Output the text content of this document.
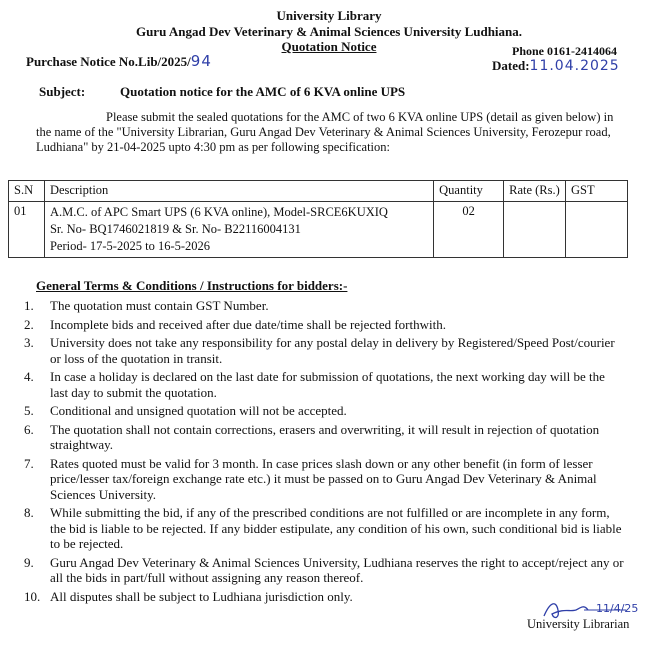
University Library
Guru Angad Dev Veterinary & Animal Sciences University Ludhiana.
Quotation Notice
Purchase Notice No.Lib/2025/94
Phone 0161-2414064
Dated:11.04.2025
Subject:	Quotation notice for the AMC of 6 KVA online UPS
Please submit the sealed quotations for the AMC of two 6 KVA online UPS (detail as given below) in the name of the "University Librarian, Guru Angad Dev Veterinary & Animal Sciences University, Ferozepur road, Ludhiana" by 21-04-2025 upto 4:30 pm as per following specification:
S.N	Description	Quantity	Rate (Rs.)	GST
01	A.M.C. of APC Smart UPS (6 KVA online), Model-SRCE6KUXIQ
Sr. No- BQ1746021819 & Sr. No- B22116004131
Period- 17-5-2025 to 16-5-2026	02		
General Terms & Conditions / Instructions for bidders:-
1. The quotation must contain GST Number.
2. Incomplete bids and received after due date/time shall be rejected forthwith.
3. University does not take any responsibility for any postal delay in delivery by Registered/Speed Post/courier or loss of the quotation in transit.
4. In case a holiday is declared on the last date for submission of quotations, the next working day will be the last day to submit the quotation.
5. Conditional and unsigned quotation will not be accepted.
6. The quotation shall not contain corrections, erasers and overwriting, it will result in rejection of quotation straightway.
7. Rates quoted must be valid for 3 month. In case prices slash down or any other benefit (in form of lesser price/lesser tax/foreign exchange rate etc.) it must be passed on to Guru Angad Dev Veterinary & Animal Sciences University.
8. While submitting the bid, if any of the prescribed conditions are not fulfilled or are incomplete in any form, the bid is liable to be rejected. If any bidder estipulate, any condition of his own, such conditional bid is liable to be rejected.
9. Guru Angad Dev Veterinary & Animal Sciences University, Ludhiana reserves the right to accept/reject any or all the bids in part/full without assigning any reason thereof.
10. All disputes shall be subject to Ludhiana jurisdiction only.
11/4/25
University Librarian
